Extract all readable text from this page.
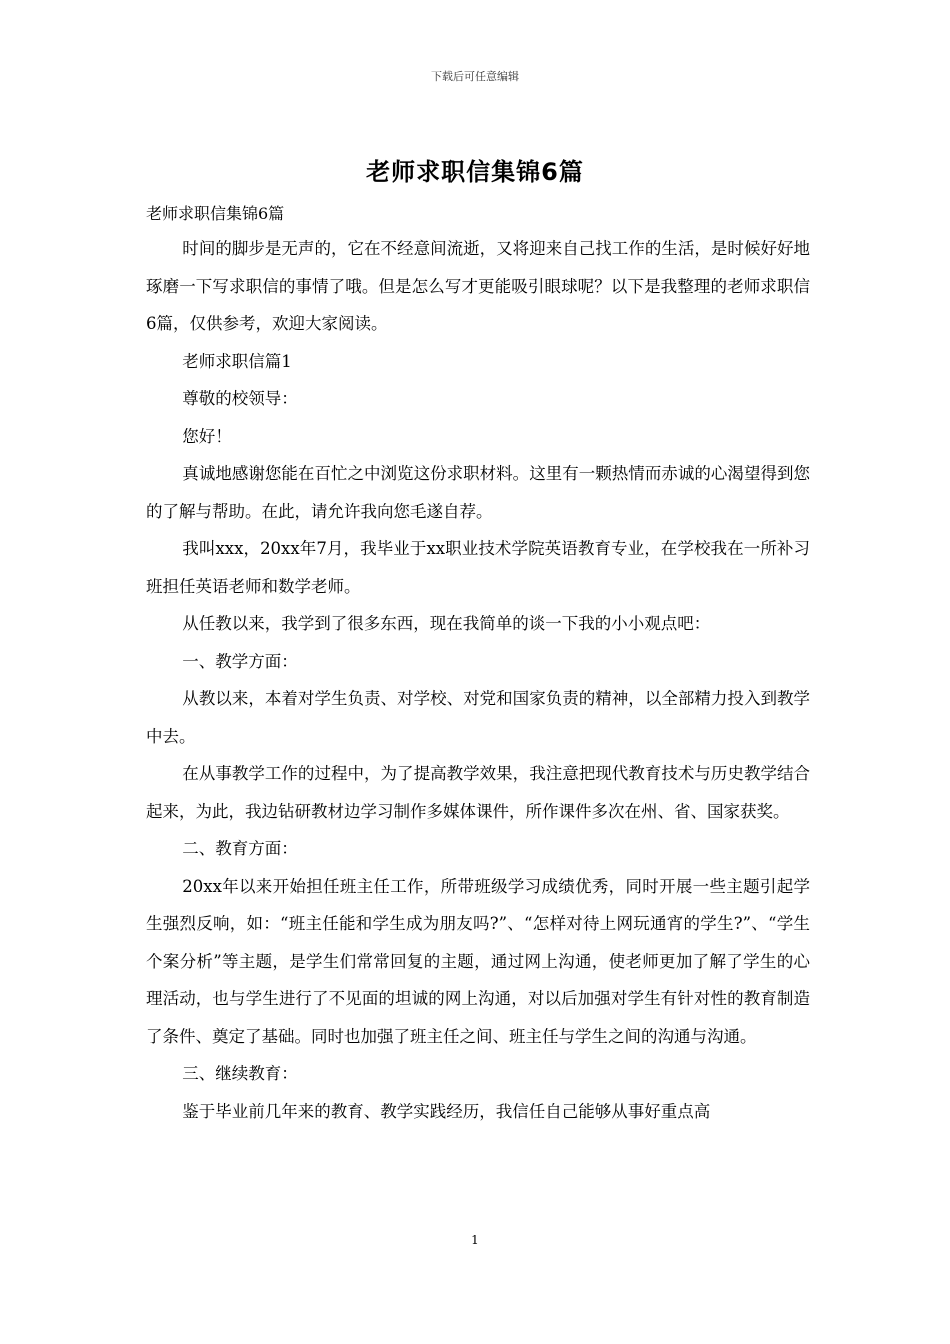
下载后可任意编辑
老师求职信集锦6篇
老师求职信集锦6篇

时间的脚步是无声的，它在不经意间流逝，又将迎来自己找工作的生活，是时候好好地琢磨一下写求职信的事情了哦。但是怎么写才更能吸引眼球呢？以下是我整理的老师求职信6篇，仅供参考，欢迎大家阅读。

老师求职信篇1

尊敬的校领导：

您好！

真诚地感谢您能在百忙之中浏览这份求职材料。这里有一颗热情而赤诚的心渴望得到您的了解与帮助。在此，请允许我向您毛遂自荐。

我叫xxx，20xx年7月，我毕业于xx职业技术学院英语教育专业，在学校我在一所补习班担任英语老师和数学老师。

从任教以来，我学到了很多东西，现在我简单的谈一下我的小小观点吧：

一、教学方面：

从教以来，本着对学生负责、对学校、对党和国家负责的精神，以全部精力投入到教学中去。

在从事教学工作的过程中，为了提高教学效果，我注意把现代教育技术与历史教学结合起来，为此，我边钻研教材边学习制作多媒体课件，所作课件多次在州、省、国家获奖。

二、教育方面：

20xx年以来开始担任班主任工作，所带班级学习成绩优秀，同时开展一些主题引起学生强烈反响，如：“班主任能和学生成为朋友吗?”、“怎样对待上网玩通宵的学生?”、“学生个案分析”等主题，是学生们常常回复的主题，通过网上沟通，使老师更加了解了学生的心理活动，也与学生进行了不见面的坦诚的网上沟通，对以后加强对学生有针对性的教育制造了条件、奠定了基础。同时也加强了班主任之间、班主任与学生之间的沟通与沟通。

三、继续教育：

鉴于毕业前几年来的教育、教学实践经历，我信任自己能够从事好重点高

1
